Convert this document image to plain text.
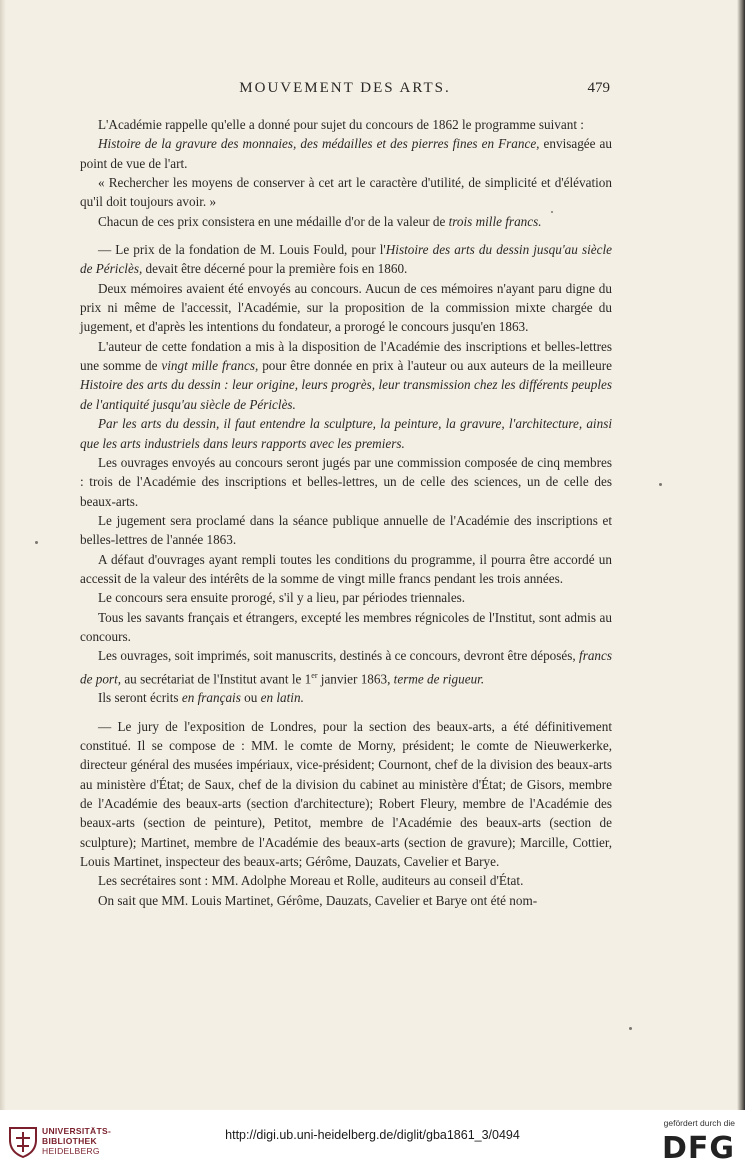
MOUVEMENT DES ARTS.	479

L'Académie rappelle qu'elle a donné pour sujet du concours de 1862 le programme suivant :

Histoire de la gravure des monnaies, des médailles et des pierres fines en France, envisagée au point de vue de l'art.

« Rechercher les moyens de conserver à cet art le caractère d'utilité, de simplicité et d'élévation qu'il doit toujours avoir. »

Chacun de ces prix consistera en une médaille d'or de la valeur de trois mille francs.

— Le prix de la fondation de M. Louis Fould, pour l'Histoire des arts du dessin jusqu'au siècle de Périclès, devait être décerné pour la première fois en 1860.

Deux mémoires avaient été envoyés au concours. Aucun de ces mémoires n'ayant paru digne du prix ni même de l'accessit, l'Académie, sur la proposition de la commission mixte chargée du jugement, et d'après les intentions du fondateur, a prorogé le concours jusqu'en 1863.

L'auteur de cette fondation a mis à la disposition de l'Académie des inscriptions et belles-lettres une somme de vingt mille francs, pour être donnée en prix à l'auteur ou aux auteurs de la meilleure Histoire des arts du dessin : leur origine, leurs progrès, leur transmission chez les différents peuples de l'antiquité jusqu'au siècle de Périclès.

Par les arts du dessin, il faut entendre la sculpture, la peinture, la gravure, l'architecture, ainsi que les arts industriels dans leurs rapports avec les premiers.

Les ouvrages envoyés au concours seront jugés par une commission composée de cinq membres : trois de l'Académie des inscriptions et belles-lettres, un de celle des sciences, un de celle des beaux-arts.

Le jugement sera proclamé dans la séance publique annuelle de l'Académie des inscriptions et belles-lettres de l'année 1863.

A défaut d'ouvrages ayant rempli toutes les conditions du programme, il pourra être accordé un accessit de la valeur des intérêts de la somme de vingt mille francs pendant les trois années.

Le concours sera ensuite prorogé, s'il y a lieu, par périodes triennales.

Tous les savants français et étrangers, excepté les membres régnicoles de l'Institut, sont admis au concours.

Les ouvrages, soit imprimés, soit manuscrits, destinés à ce concours, devront être déposés, francs de port, au secrétariat de l'Institut avant le 1er janvier 1863, terme de rigueur.

Ils seront écrits en français ou en latin.

— Le jury de l'exposition de Londres, pour la section des beaux-arts, a été définitivement constitué. Il se compose de : MM. le comte de Morny, président; le comte de Nieuwerkerke, directeur général des musées impériaux, vice-président; Cournont, chef de la division des beaux-arts au ministère d'État; de Saux, chef de la division du cabinet au ministère d'État; de Gisors, membre de l'Académie des beaux-arts (section d'architecture); Robert Fleury, membre de l'Académie des beaux-arts (section de peinture), Petitot, membre de l'Académie des beaux-arts (section de sculpture); Martinet, membre de l'Académie des beaux-arts (section de gravure); Marcille, Cottier, Louis Martinet, inspecteur des beaux-arts; Gérôme, Dauzats, Cavelier et Barye.

Les secrétaires sont : MM. Adolphe Moreau et Rolle, auditeurs au conseil d'État.

On sait que MM. Louis Martinet, Gérôme, Dauzats, Cavelier et Barye ont été nom-

UNIVERSITÄTS-
BIBLIOTHEK
HEIDELBERG
http://digi.ub.uni-heidelberg.de/diglit/gba1861_3/0494
gefördert durch die
DFG
